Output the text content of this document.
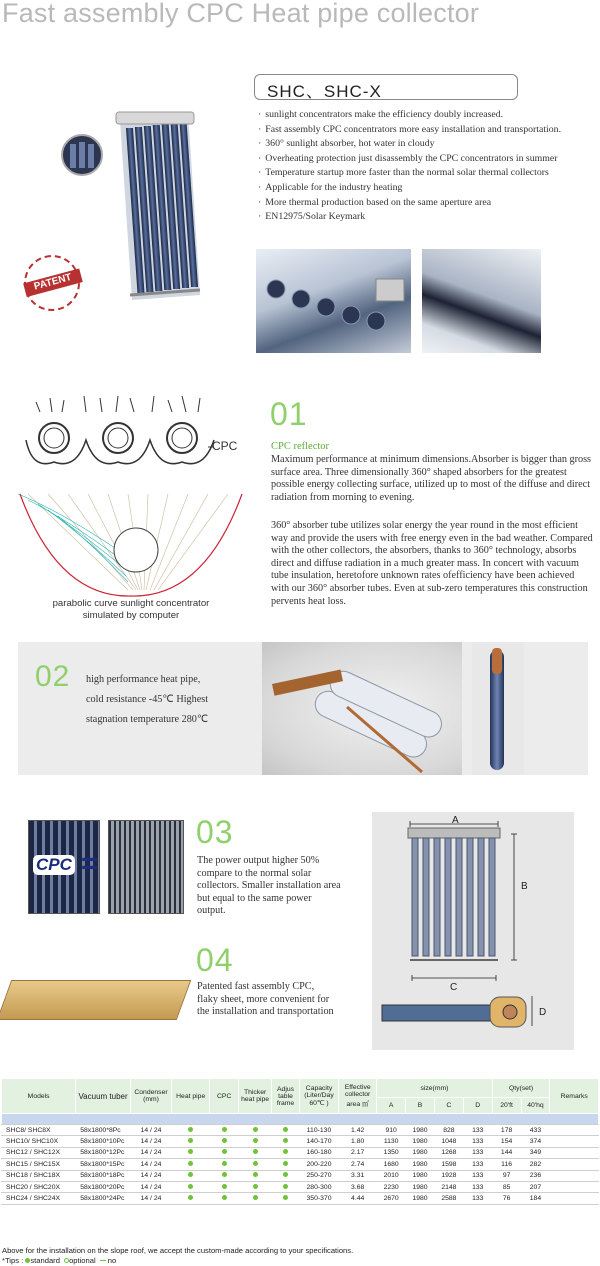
Fast assembly CPC Heat pipe collector
PATENT
SHC、SHC-X
· sunlight concentrators make the efficiency doubly increased.
· Fast assembly CPC concentrators more easy installation and transportation.
· 360° sunlight absorber, hot water in cloudy
· Overheating protection just disassembly the CPC concentrators in summer
· Temperature startup more faster than the normal solar thermal collectors
· Applicable for the industry heating
· More thermal production based on the same aperture area
· EN12975/Solar Keymark
CPC
parabolic curve sunlight concentrator
simulated by computer
01
CPC reflector

Maximum performance at minimum dimensions.Absorber is bigger than gross surface area. Three dimensionally 360° shaped absorbers for the greatest possible energy collecting surface, utilized up to most of the diffuse and direct radiation from morning to evening.

360° absorber tube utilizes solar energy the year round in the most efficient way and provide the users with free energy even in the bad weather. Compared with the other collectors, the absorbers, thanks to 360° technology, absorbs direct and diffuse radiation in a much greater mass. In concert with vacuum tube insulation, heretofore unknown rates ofefficiency have been achieved with our 360° absorber tubes. Even at sub-zero temperatures this construction pervents heat loss.

02 high performance heat pipe,
cold resistance -45℃ Highest
stagnation temperature 280℃
CPC =
03

The power output higher 50% compare to the normal solar collectors. Smaller installation area but equal to the same power output.

04

Patented fast assembly CPC, flaky sheet, more convenient for the installation and transportation

A
B
C
D
Models	Vacuum tuber	Condenser (mm)	Heat pipe	CPC	Thicker heat pipe	Adjus table frame	Capacity (Liter/Day 60℃ )	Effective collector area ㎡	size(mm)				Qty(set)		Remarks
									A	B	C	D	20'ft	40'hq	

SHC8/ SHC8X	58x1800*8Pc	14 / 24					110-130	1.42	910	1980	828	133	178	433	
SHC10/ SHC10X	58x1800*10Pc	14 / 24					140-170	1.80	1130	1980	1048	133	154	374	
SHC12 / SHC12X	58x1800*12Pc	14 / 24					160-180	2.17	1350	1980	1268	133	144	349	
SHC15 / SHC15X	58x1800*15Pc	14 / 24					200-220	2.74	1680	1980	1598	133	116	282	
SHC18 / SHC18X	58x1800*18Pc	14 / 24					250-270	3.31	2010	1980	1928	133	97	236	
SHC20 / SHC20X	58x1800*20Pc	14 / 24					280-300	3.68	2230	1980	2148	133	85	207	
SHC24 / SHC24X	58x1800*24Pc	14 / 24					350-370	4.44	2670	1980	2588	133	76	184	
Above for the installation on the slope roof, we accept the custom-made according to your specifications.
*Tips : standard optional no
